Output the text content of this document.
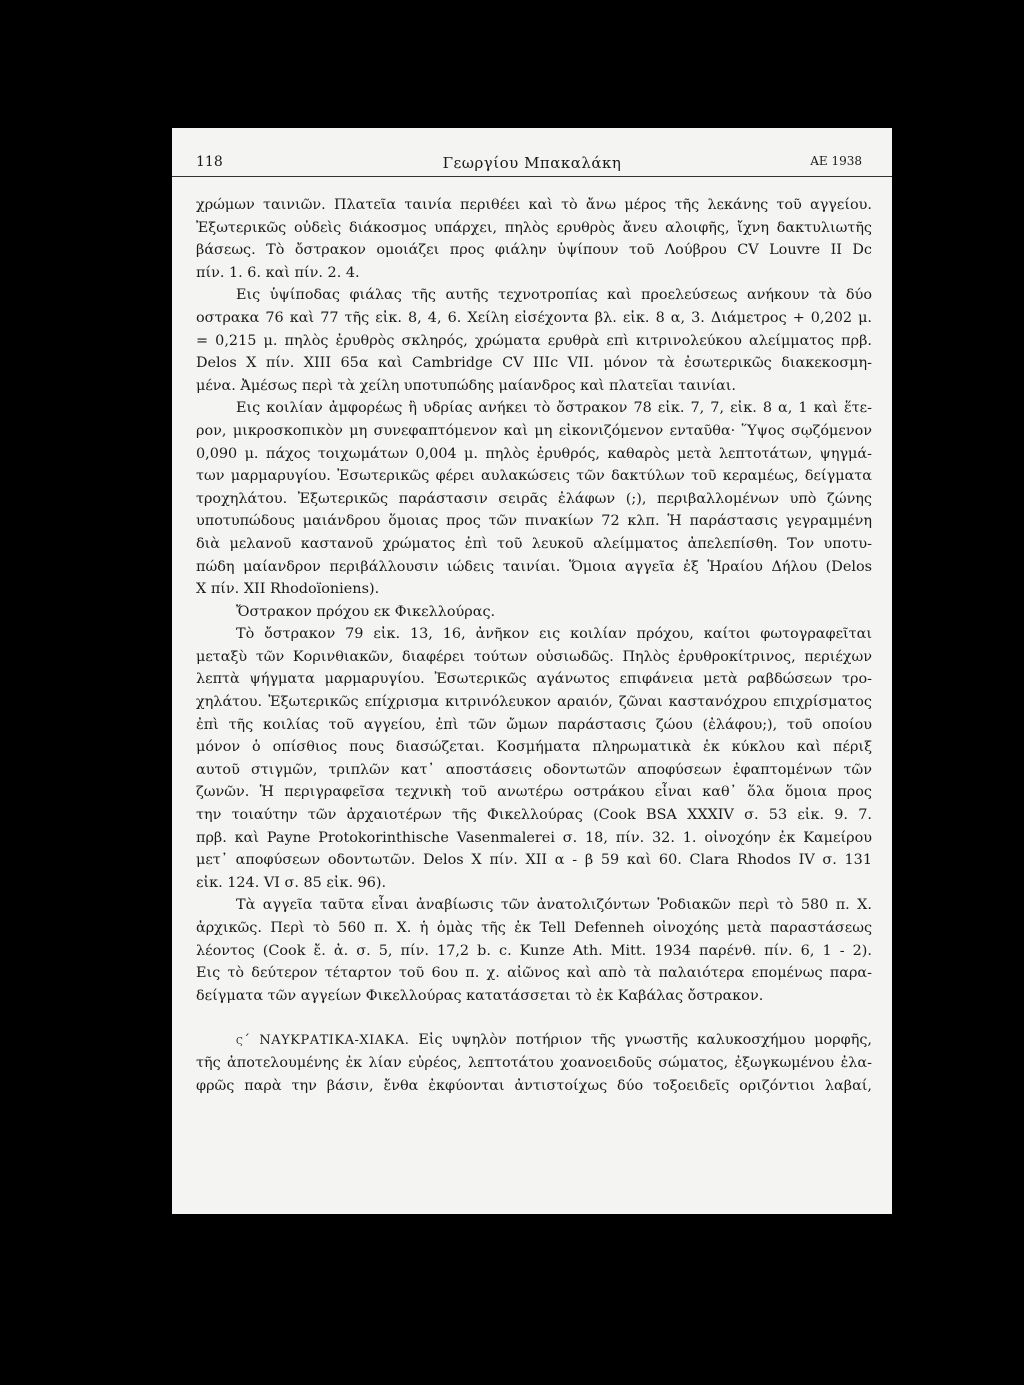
118	Γεωργίου Μπακαλάκη	ΑΕ 1938
χρώμων ταινιῶν. Πλατεῖα ταινία περιθέει καὶ τὸ ἄνω μέρος τῆς λεκάνης τοῦ αγγείου.
Ἐξωτερικῶς οὐδεὶς διάκοσμος υπάρχει, πηλὸς ερυθρὸς ἄνευ αλοιφῆς, ἴχνη δακτυλιωτῆς
βάσεως. Τὸ ὄστρακον ομοιάζει προς φιάλην ὑψίπουν τοῦ Λούβρου CV Louvre II Dc
πίν. 1. 6. καὶ πίν. 2. 4.
Εις ὑψίποδας φιάλας τῆς αυτῆς τεχνοτροπίας καὶ προελεύσεως ανήκουν τὰ δύο
οστρακα 76 καὶ 77 τῆς εἰκ. 8, 4, 6. Χείλη εἰσέχοντα βλ. εἰκ. 8 α, 3. Διάμετρος + 0,202 μ.
= 0,215 μ. πηλὸς ἐρυθρὸς σκληρός, χρώματα ερυθρὰ επὶ κιτρινολεύκου αλείμματος πρβ.
Delos X πίν. XIII 65α καὶ Cambridge CV IIIc VII. μόνον τὰ ἐσωτερικῶς διακεκοσμη-
μένα. Ἀμέσως περὶ τὰ χείλη υποτυπώδης μαίανδρος καὶ πλατεῖαι ταινίαι.
Εις κοιλίαν ἀμφορέως ἢ υδρίας ανήκει τὸ ὄστρακον 78 εἰκ. 7, 7, εἰκ. 8 α, 1 καὶ ἕτε-
ρον, μικροσκοπικὸν μη συνεφαπτόμενον καὶ μη εἰκονιζόμενον ενταῦθα· Ὕψος σῳζόμενον
0,090 μ. πάχος τοιχωμάτων 0,004 μ. πηλὸς ἐρυθρός, καθαρὸς μετὰ λεπτοτάτων, ψηγμά-
των μαρμαρυγίου. Ἐσωτερικῶς φέρει αυλακώσεις τῶν δακτύλων τοῦ κεραμέως, δείγματα
τροχηλάτου. Ἐξωτερικῶς παράστασιν σειρᾶς ἐλάφων (;), περιβαλλομένων υπὸ ζώνης
υποτυπώδους μαιάνδρου ὅμοιας προς τῶν πινακίων 72 κλπ. Ἡ παράστασις γεγραμμένη
διὰ μελανοῦ καστανοῦ χρώματος ἐπὶ τοῦ λευκοῦ αλείμματος ἀπελεπίσθη. Τον υποτυ-
πώδη μαίανδρον περιβάλλουσιν ιώδεις ταινίαι. Ὅμοια αγγεῖα ἐξ Ἡραίου Δήλου (Delos
X πίν. XII Rhodoïoniens).
Ὄστρακον πρόχου εκ Φικελλούρας.
Τὸ ὄστρακον 79 εἰκ. 13, 16, ἀνῆκον εις κοιλίαν πρόχου, καίτοι φωτογραφεῖται
μεταξὺ τῶν Κορινθιακῶν, διαφέρει τούτων οὐσιωδῶς. Πηλὸς ἐρυθροκίτρινος, περιέχων
λεπτὰ ψήγματα μαρμαρυγίου. Ἐσωτερικῶς αγάνωτος επιφάνεια μετὰ ραβδώσεων τρο-
χηλάτου. Ἐξωτερικῶς επίχρισμα κιτρινόλευκον αραιόν, ζῶναι καστανόχρου επιχρίσματος
ἐπὶ τῆς κοιλίας τοῦ αγγείου, ἐπὶ τῶν ὤμων παράστασις ζώου (ἐλάφου;), τοῦ οποίου
μόνον ὁ οπίσθιος πους διασώζεται. Κοσμήματα πληρωματικὰ ἐκ κύκλου καὶ πέριξ
αυτοῦ στιγμῶν, τριπλῶν κατ᾽ αποστάσεις οδοντωτῶν αποφύσεων ἐφαπτομένων τῶν
ζωνῶν. Ἡ περιγραφεῖσα τεχνικὴ τοῦ ανωτέρω οστράκου εἶναι καθ᾽ ὅλα ὅμοια προς
την τοιαύτην τῶν ἀρχαιοτέρων τῆς Φικελλούρας (Cook BSA XXXIV σ. 53 εἰκ. 9. 7.
πρβ. καὶ Payne Protokorinthische Vasenmalerei σ. 18, πίν. 32. 1. οἰνοχόην ἐκ Καμείρου
μετ᾽ αποφύσεων οδοντωτῶν. Delos X πίν. XII α - β 59 καὶ 60. Clara Rhodos IV σ. 131
εἰκ. 124. VI σ. 85 εἰκ. 96).
Τὰ αγγεῖα ταῦτα εἶναι ἀναβίωσις τῶν ἀνατολιζόντων Ῥοδιακῶν περὶ τὸ 580 π. Χ.
ἀρχικῶς. Περὶ τὸ 560 π. Χ. ἡ ὁμὰς τῆς ἐκ Tell Defenneh οἰνοχόης μετὰ παραστάσεως
λέοντος (Cook ἔ. ἀ. σ. 5, πίν. 17,2 b. c. Kunze Ath. Mitt. 1934 παρένθ. πίν. 6, 1 - 2).
Εις τὸ δεύτερον τέταρτον τοῦ 6ου π. χ. αἰῶνος καὶ απὸ τὰ παλαιότερα επομένως παρα-
δείγματα τῶν αγγείων Φικελλούρας κατατάσσεται τὸ ἐκ Καβάλας ὄστρακον.
ϛ΄ ΝΑΥΚΡΑΤΙΚΑ-ΧΙΑΚΑ. Εἰς υψηλὸν ποτήριον τῆς γνωστῆς καλυκοσχήμου μορφῆς,
τῆς ἀποτελουμένης ἐκ λίαν εὐρέος, λεπτοτάτου χοανοειδοῦς σώματος, ἐξωγκωμένου ἐλα-
φρῶς παρὰ την βάσιν, ἔνθα ἐκφύονται ἀντιστοίχως δύο τοξοειδεῖς οριζόντιοι λαβαί,
